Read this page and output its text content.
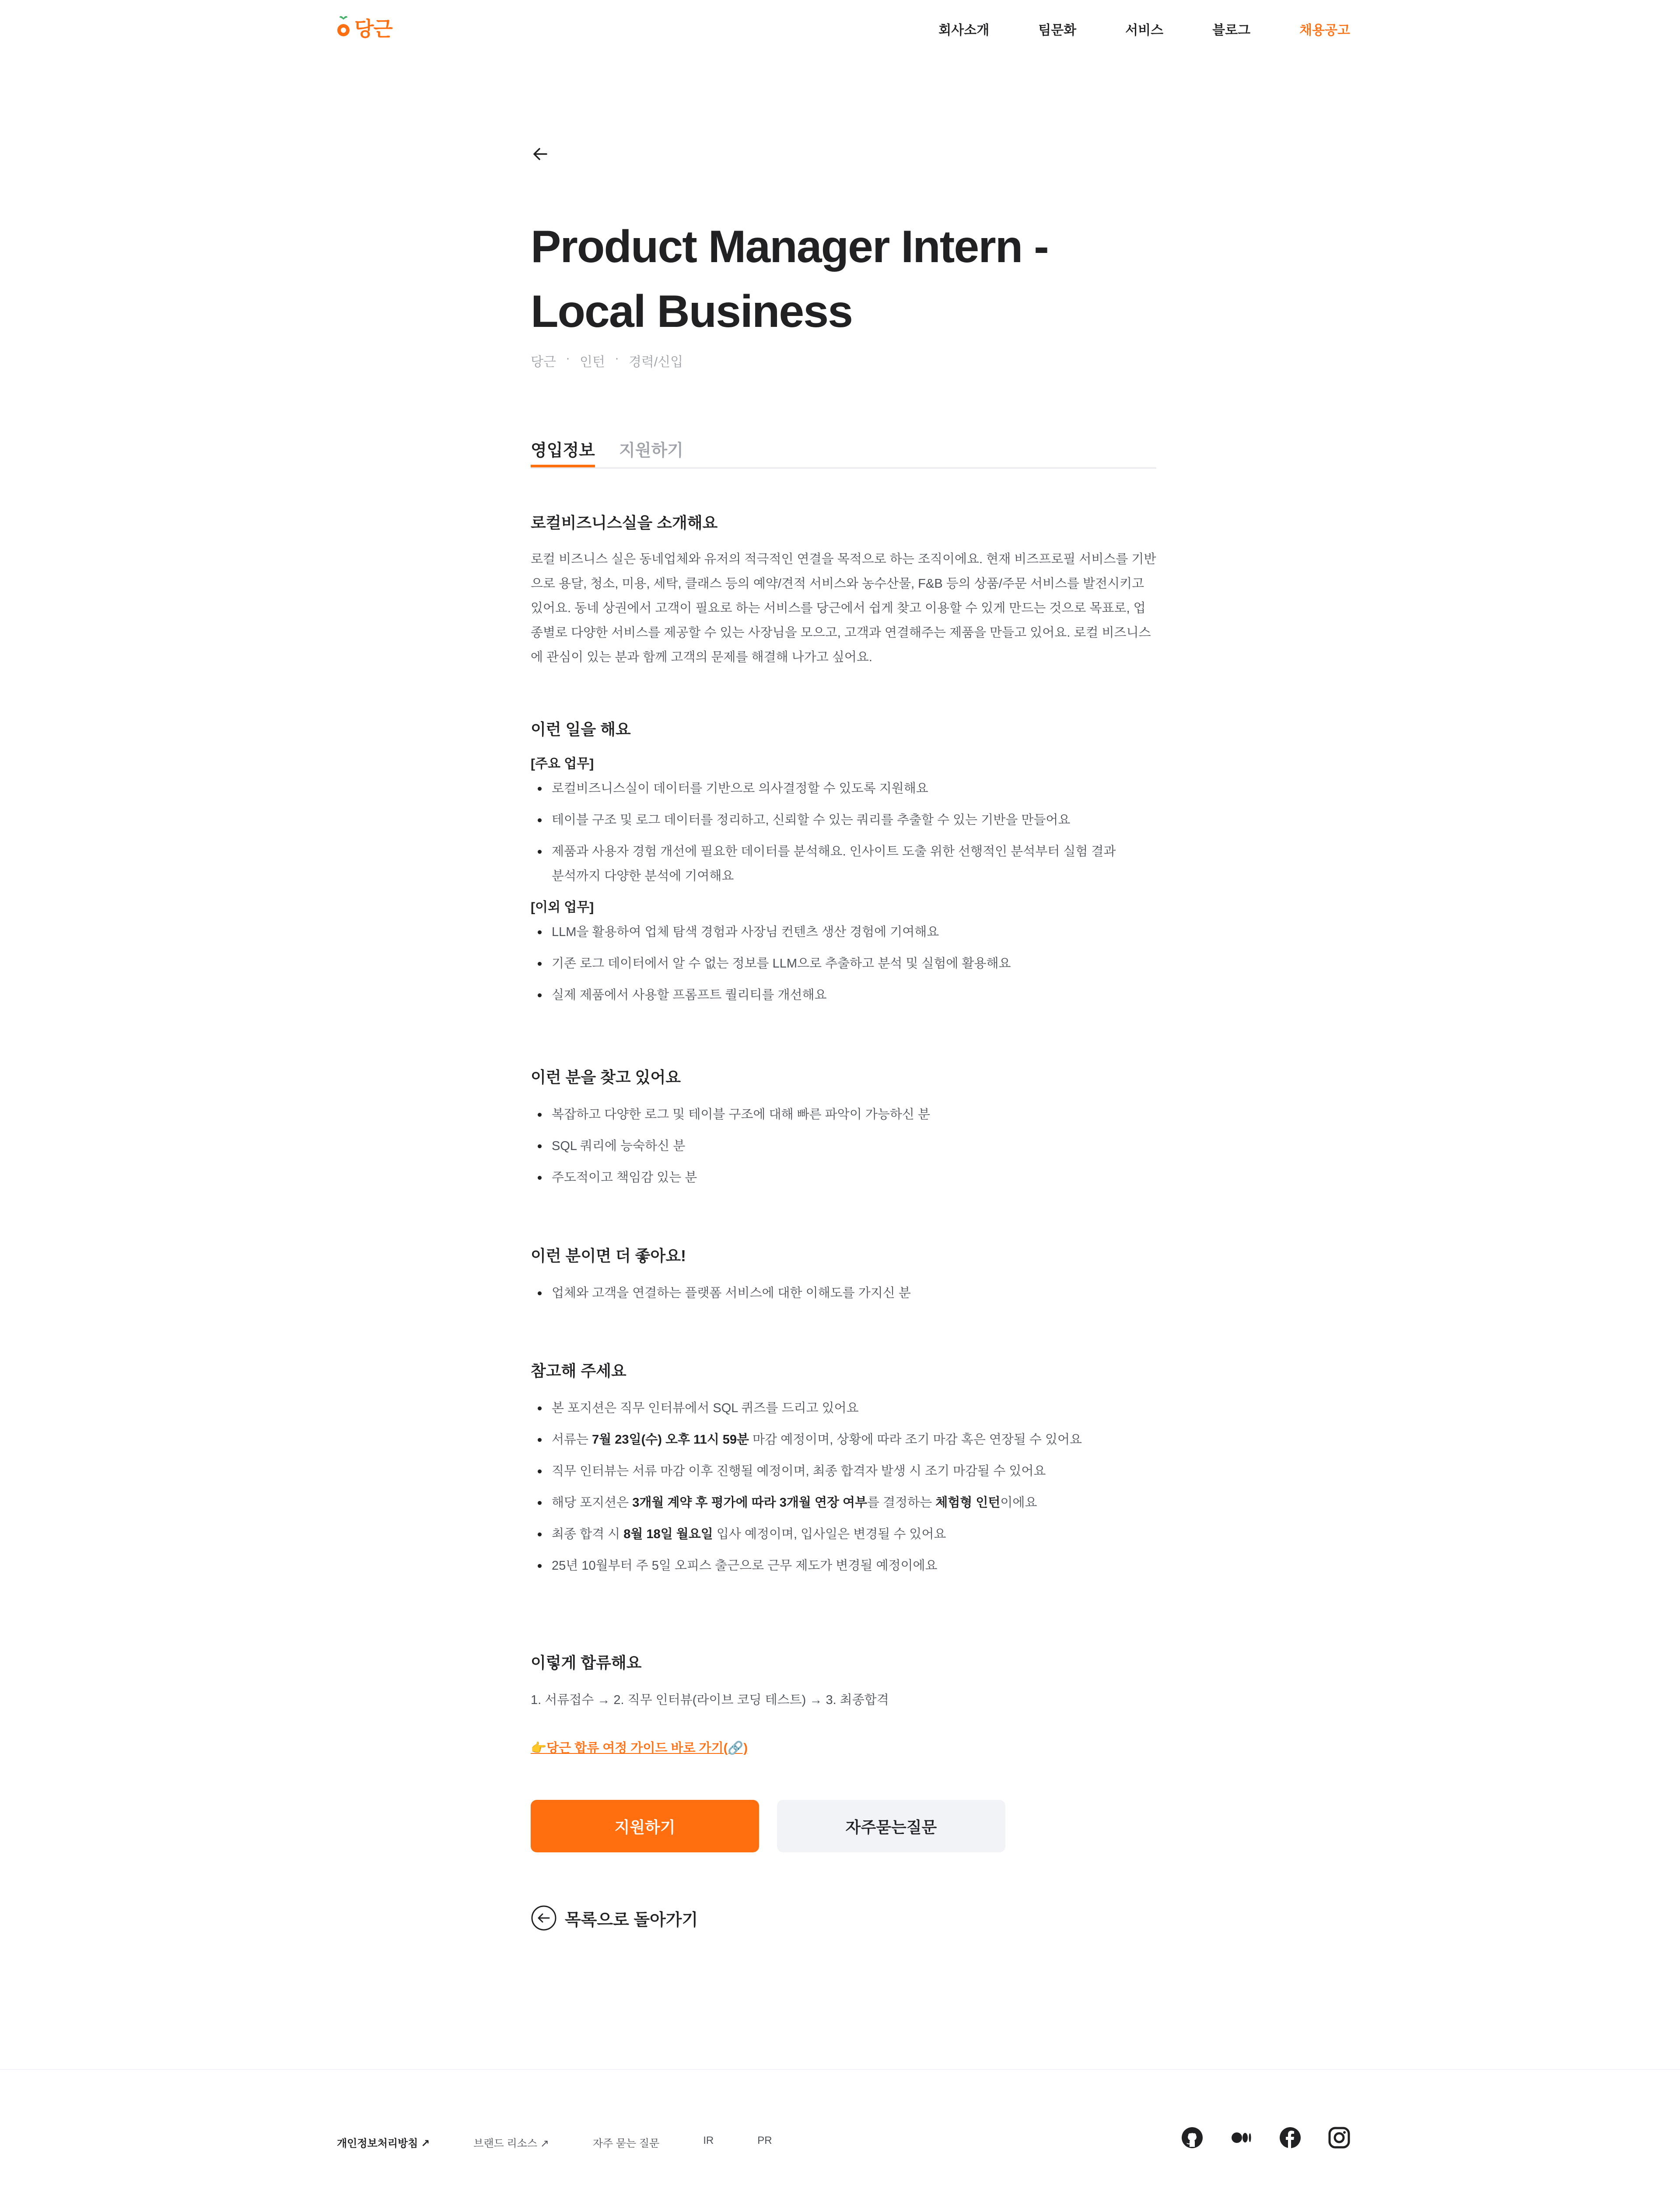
당근	회사소개	팀문화	서비스	블로그	채용공고
Product Manager Intern - Local Business
당근 · 인턴 · 경력/신입
영입정보 지원하기
로컬비즈니스실을 소개해요

로컬 비즈니스 실은 동네업체와 유저의 적극적인 연결을 목적으로 하는 조직이에요. 현재 비즈프로필 서비스를 기반으로 용달, 청소, 미용, 세탁, 클래스 등의 예약/견적 서비스와 농수산물, F&B 등의 상품/주문 서비스를 발전시키고 있어요. 동네 상권에서 고객이 필요로 하는 서비스를 당근에서 쉽게 찾고 이용할 수 있게 만드는 것으로 목표로, 업종별로 다양한 서비스를 제공할 수 있는 사장님을 모으고, 고객과 연결해주는 제품을 만들고 있어요. 로컬 비즈니스에 관심이 있는 분과 함께 고객의 문제를 해결해 나가고 싶어요.

이런 일을 해요

[주요 업무]

로컬비즈니스실이 데이터를 기반으로 의사결정할 수 있도록 지원해요
테이블 구조 및 로그 데이터를 정리하고, 신뢰할 수 있는 쿼리를 추출할 수 있는 기반을 만들어요
제품과 사용자 경험 개선에 필요한 데이터를 분석해요. 인사이트 도출 위한 선행적인 분석부터 실험 결과 분석까지 다양한 분석에 기여해요

[이외 업무]

LLM을 활용하여 업체 탐색 경험과 사장님 컨텐츠 생산 경험에 기여해요
기존 로그 데이터에서 알 수 없는 정보를 LLM으로 추출하고 분석 및 실험에 활용해요
실제 제품에서 사용할 프롬프트 퀄리티를 개선해요
이런 분을 찾고 있어요
복잡하고 다양한 로그 및 테이블 구조에 대해 빠른 파악이 가능하신 분
SQL 쿼리에 능숙하신 분
주도적이고 책임감 있는 분
이런 분이면 더 좋아요!
업체와 고객을 연결하는 플랫폼 서비스에 대한 이해도를 가지신 분
참고해 주세요
본 포지션은 직무 인터뷰에서 SQL 퀴즈를 드리고 있어요
서류는 7월 23일(수) 오후 11시 59분 마감 예정이며, 상황에 따라 조기 마감 혹은 연장될 수 있어요
직무 인터뷰는 서류 마감 이후 진행될 예정이며, 최종 합격자 발생 시 조기 마감될 수 있어요
해당 포지션은 3개월 계약 후 평가에 따라 3개월 연장 여부를 결정하는 체험형 인턴이에요
최종 합격 시 8월 18일 월요일 입사 예정이며, 입사일은 변경될 수 있어요
25년 10월부터 주 5일 오피스 출근으로 근무 제도가 변경될 예정이에요
이렇게 합류해요

1. 서류접수 → 2. 직무 인터뷰(라이브 코딩 테스트) → 3. 최종합격

👉당근 합류 여정 가이드 바로 가기(🔗)

지원하기	자주묻는질문
목록으로 돌아가기
개인정보처리방침 ↗	브랜드 리소스 ↗	자주 묻는 질문	IR	PR
